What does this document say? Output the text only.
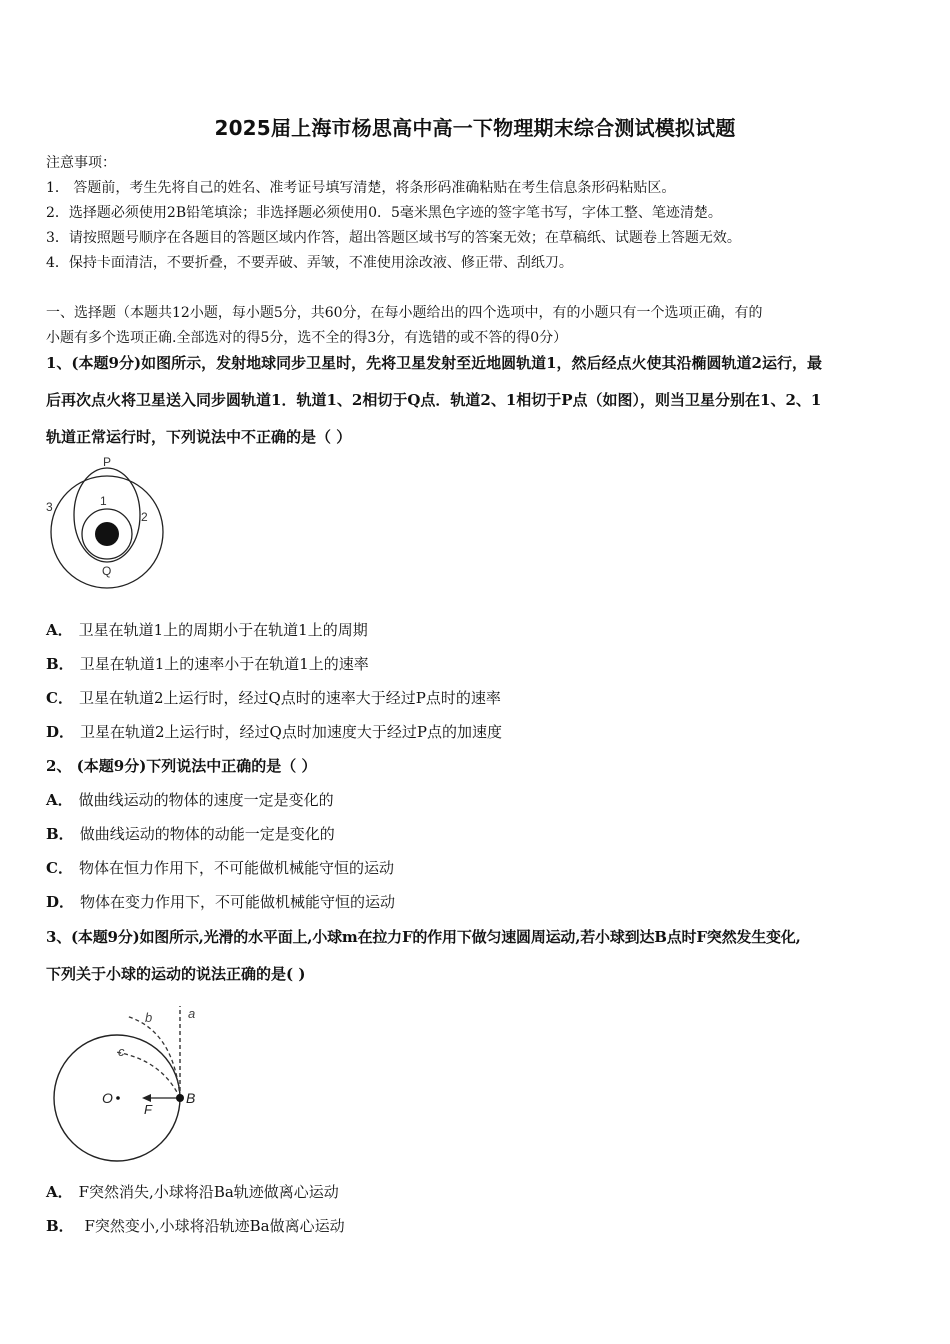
2025届上海市杨思高中高一下物理期末综合测试模拟试题
注意事项：
1． 答题前，考生先将自己的姓名、准考证号填写清楚，将条形码准确粘贴在考生信息条形码粘贴区。
2．选择题必须使用2B铅笔填涂；非选择题必须使用0．5毫米黑色字迹的签字笔书写，字体工整、笔迹清楚。
3．请按照题号顺序在各题目的答题区域内作答，超出答题区域书写的答案无效；在草稿纸、试题卷上答题无效。
4．保持卡面清洁，不要折叠，不要弄破、弄皱，不准使用涂改液、修正带、刮纸刀。
一、选择题（本题共12小题，每小题5分，共60分，在每小题给出的四个选项中，有的小题只有一个选项正确，有的
小题有多个选项正确.全部选对的得5分，选不全的得3分，有选错的或不答的得0分）
1、(本题9分)如图所示，发射地球同步卫星时，先将卫星发射至近地圆轨道1，然后经点火使其沿椭圆轨道2运行，最
后再次点火将卫星送入同步圆轨道1．轨道1、2相切于Q点．轨道2、1相切于P点（如图），则当卫星分别在1、2、1
轨道正常运行时，下列说法中不正确的是（ ）
P
1
2
3
Q
A． 卫星在轨道1上的周期小于在轨道1上的周期
B． 卫星在轨道1上的速率小于在轨道1上的速率
C． 卫星在轨道2上运行时，经过Q点时的速率大于经过P点时的速率
D． 卫星在轨道2上运行时，经过Q点时加速度大于经过P点的加速度
2、 (本题9分)下列说法中正确的是（ ）
A． 做曲线运动的物体的速度一定是变化的
B． 做曲线运动的物体的动能一定是变化的
C． 物体在恒力作用下，不可能做机械能守恒的运动
D． 物体在变力作用下，不可能做机械能守恒的运动
3、(本题9分)如图所示,光滑的水平面上,小球m在拉力F的作用下做匀速圆周运动,若小球到达B点时F突然发生变化,
下列关于小球的运动的说法正确的是( )
B
O
F
a
b
c
A． F突然消失,小球将沿Ba轨迹做离心运动
B． F突然变小,小球将沿轨迹Ba做离心运动
